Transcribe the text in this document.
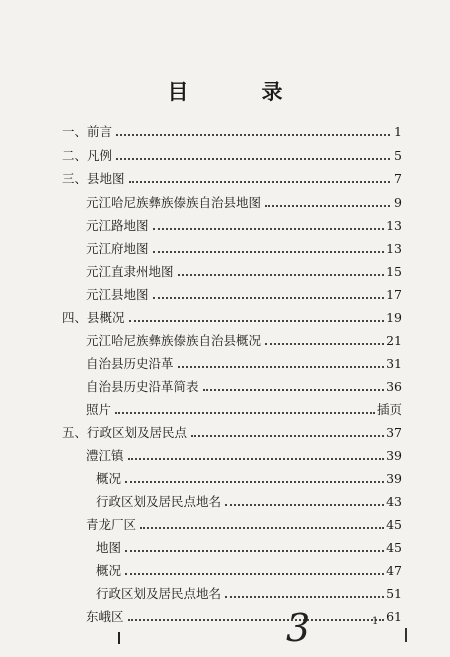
目　录
一、前言	1
二、凡例	5
三、县地图	7
元江哈尼族彝族傣族自治县地图	9
元江路地图	13
元江府地图	13
元江直隶州地图	15
元江县地图	17
四、县概况	19
元江哈尼族彝族傣族自治县概况	21
自治县历史沿革	31
自治县历史沿革简表	36
照片	插页
五、行政区划及居民点	37
澧江镇	39
概况	39
行政区划及居民点地名	43
青龙厂区	45
地图	45
概况	47
行政区划及居民点地名	51
东峨区	61
1
3
